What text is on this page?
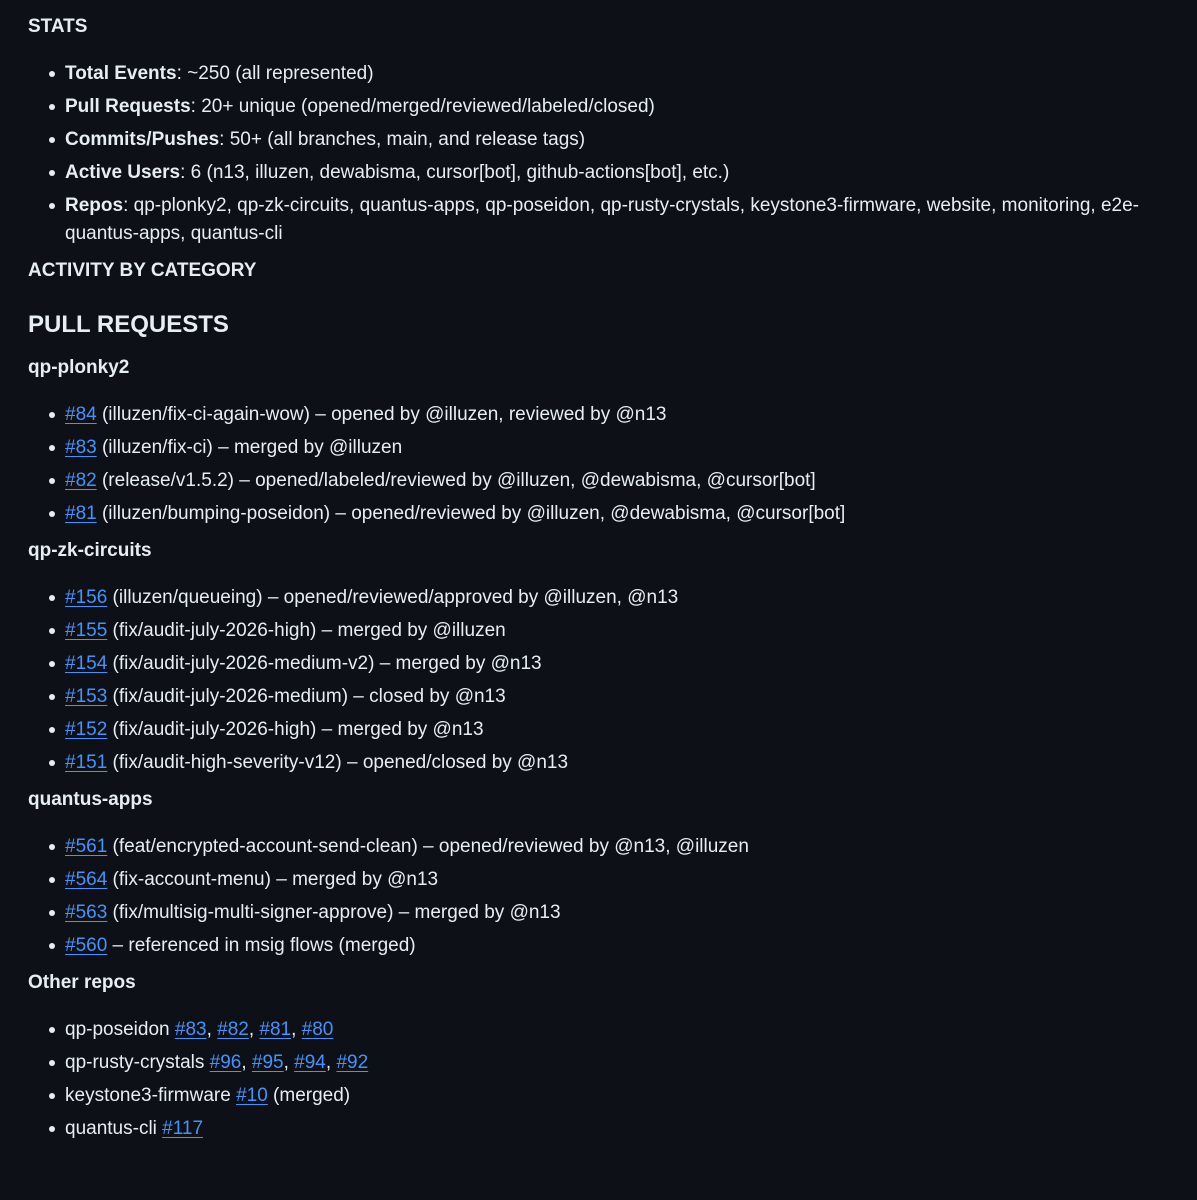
STATS
Total Events: ~250 (all represented)
Pull Requests: 20+ unique (opened/merged/reviewed/labeled/closed)
Commits/Pushes: 50+ (all branches, main, and release tags)
Active Users: 6 (n13, illuzen, dewabisma, cursor[bot], github-actions[bot], etc.)
Repos: qp-plonky2, qp-zk-circuits, quantus-apps, qp-poseidon, qp-rusty-crystals, keystone3-firmware, website, monitoring, e2e-quantus-apps, quantus-cli
ACTIVITY BY CATEGORY
PULL REQUESTS
qp-plonky2
#84 (illuzen/fix-ci-again-wow) – opened by @illuzen, reviewed by @n13
#83 (illuzen/fix-ci) – merged by @illuzen
#82 (release/v1.5.2) – opened/labeled/reviewed by @illuzen, @dewabisma, @cursor[bot]
#81 (illuzen/bumping-poseidon) – opened/reviewed by @illuzen, @dewabisma, @cursor[bot]
qp-zk-circuits
#156 (illuzen/queueing) – opened/reviewed/approved by @illuzen, @n13
#155 (fix/audit-july-2026-high) – merged by @illuzen
#154 (fix/audit-july-2026-medium-v2) – merged by @n13
#153 (fix/audit-july-2026-medium) – closed by @n13
#152 (fix/audit-july-2026-high) – merged by @n13
#151 (fix/audit-high-severity-v12) – opened/closed by @n13
quantus-apps
#561 (feat/encrypted-account-send-clean) – opened/reviewed by @n13, @illuzen
#564 (fix-account-menu) – merged by @n13
#563 (fix/multisig-multi-signer-approve) – merged by @n13
#560 – referenced in msig flows (merged)
Other repos
qp-poseidon #83, #82, #81, #80
qp-rusty-crystals #96, #95, #94, #92
keystone3-firmware #10 (merged)
quantus-cli #117
